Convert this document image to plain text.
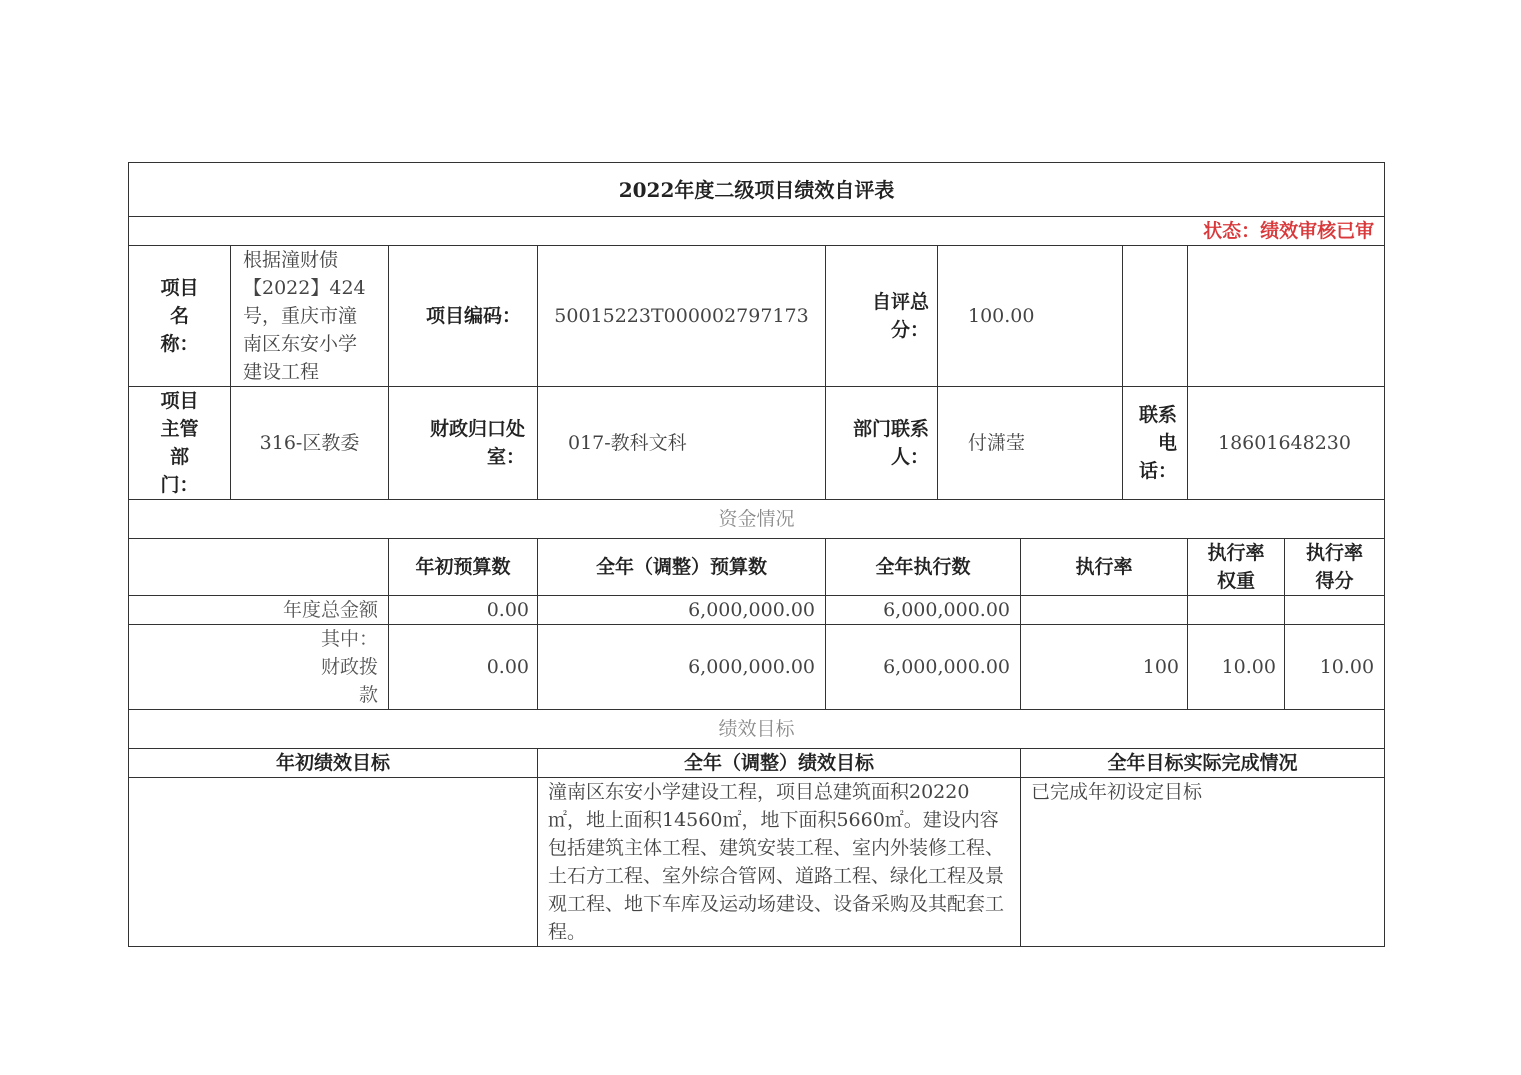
2022年度二级项目绩效自评表									
状态：绩效审核已审									
项目名称：	根据潼财债【2022】424号，重庆市潼南区东安小学建设工程	项目编码：	50015223T000002797173	自评总分：	100.00				
项目主管部门：	316-区教委	财政归口处室：	017-教科文科	部门联系人：	付潇莹		联系电话：	18601648230	
资金情况									
		年初预算数	全年（调整）预算数	全年执行数		执行率		执行率权重	执行率得分
年度总金额		0.00	6,000,000.00	6,000,000.00					
其中：财政拨款		0.00	6,000,000.00	6,000,000.00		100		10.00	10.00
绩效目标									
年初绩效目标			全年（调整）绩效目标			全年目标实际完成情况			
			潼南区东安小学建设工程，项目总建筑面积20220㎡，地上面积14560㎡，地下面积5660㎡。建设内容包括建筑主体工程、建筑安装工程、室内外装修工程、土石方工程、室外综合管网、道路工程、绿化工程及景观工程、地下车库及运动场建设、设备采购及其配套工程。			已完成年初设定目标			
